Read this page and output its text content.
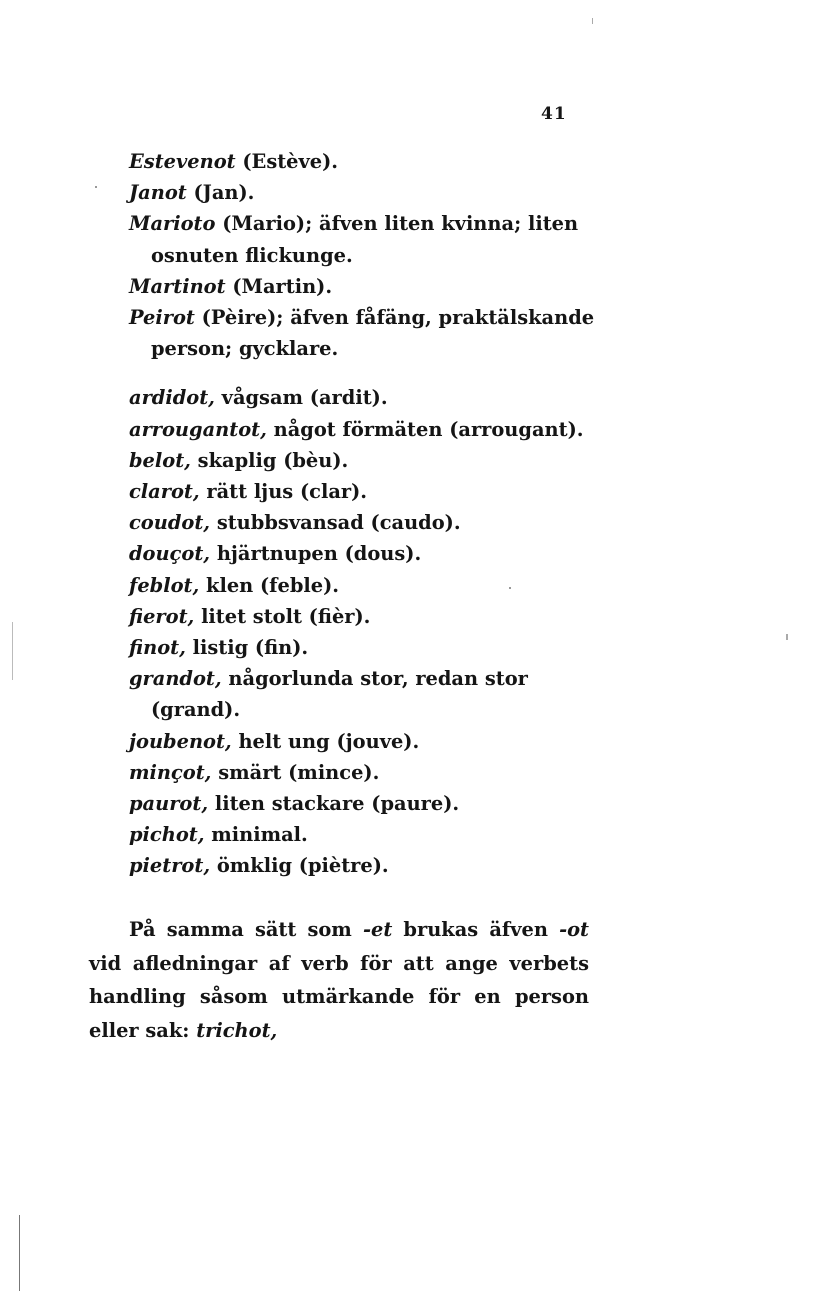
41

Estevenot (Estève).

Janot (Jan).

Marioto (Mario); äfven liten kvinna; liten osnuten flickunge.

Martinot (Martin).

Peirot (Pèire); äfven fåfäng, praktälskande person; gycklare.

ardidot, vågsam (ardit).

arrougantot, något förmäten (arrougant).

belot, skaplig (bèu).

clarot, rätt ljus (clar).

coudot, stubbsvansad (caudo).

douçot, hjärtnupen (dous).

feblot, klen (feble).

fierot, litet stolt (fièr).

finot, listig (fin).

grandot, någorlunda stor, redan stor (grand).

joubenot, helt ung (jouve).

minçot, smärt (mince).

paurot, liten stackare (paure).

pichot, minimal.

pietrot, ömklig (piètre).

På samma sätt som -et brukas äfven -ot vid afledningar af verb för att ange verbets handling såsom utmärkande för en person eller sak: trichot,
